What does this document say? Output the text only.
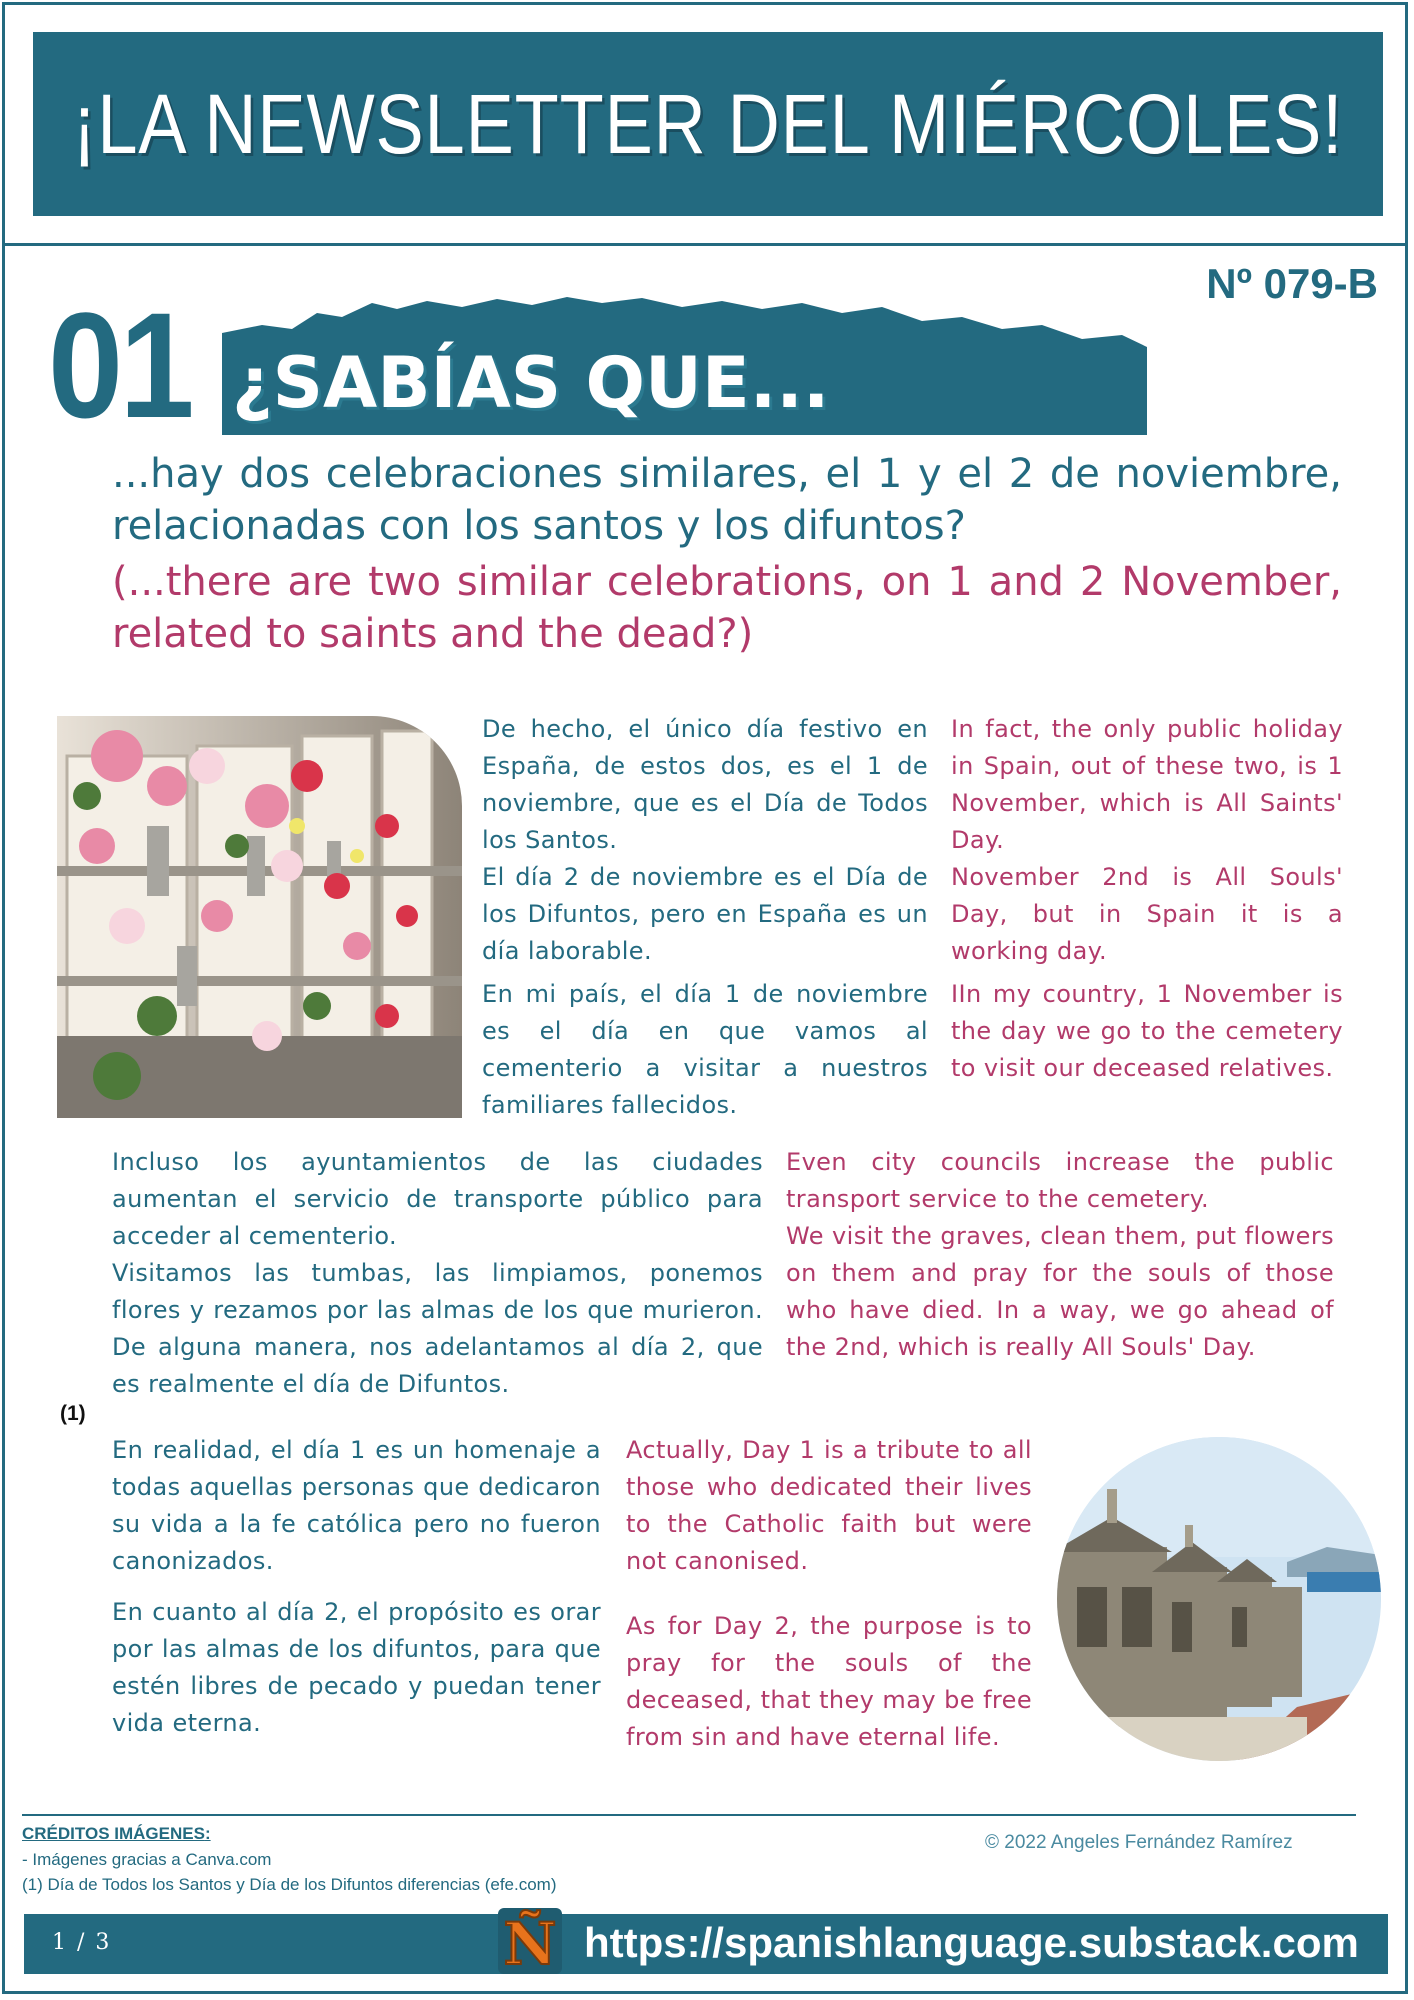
¡LA NEWSLETTER DEL MIÉRCOLES!
Nº 079-B
01 ¿SABÍAS QUE...

...hay dos celebraciones similares, el 1 y el 2 de noviembre, relacionadas con los santos y los difuntos?

(...there are two similar celebrations, on 1 and 2 November, related to saints and the dead?)

De hecho, el único día festivo en España, de estos dos, es el 1 de noviembre, que es el Día de Todos los Santos.

El día 2 de noviembre es el Día de los Difuntos, pero en España es un día laborable.

En mi país, el día 1 de noviembre es el día en que vamos al cementerio a visitar a nuestros familiares fallecidos.

In fact, the only public holiday in Spain, out of these two, is 1 November, which is All Saints' Day.

November 2nd is All Souls' Day, but in Spain it is a working day.

IIn my country, 1 November is the day we go to the cemetery to visit our deceased relatives.

Incluso los ayuntamientos de las ciudades aumentan el servicio de transporte público para acceder al cementerio.

Visitamos las tumbas, las limpiamos, ponemos flores y rezamos por las almas de los que murieron. De alguna manera, nos adelantamos al día 2, que es realmente el día de Difuntos.

Even city councils increase the public transport service to the cemetery.

We visit the graves, clean them, put flowers on them and pray for the souls of those who have died. In a way, we go ahead of the 2nd, which is really All Souls' Day.

(1)

En realidad, el día 1 es un homenaje a todas aquellas personas que dedicaron su vida a la fe católica pero no fueron canonizados.

En cuanto al día 2, el propósito es orar por las almas de los difuntos, para que estén libres de pecado y puedan tener vida eterna.

Actually, Day 1 is a tribute to all those who dedicated their lives to the Catholic faith but were not canonised.

As for Day 2, the purpose is to pray for the souls of the deceased, that they may be free from sin and have eternal life.

CRÉDITOS IMÁGENES:
- Imágenes gracias a Canva.com
(1) Día de Todos los Santos y Día de los Difuntos diferencias (efe.com)
© 2022 Angeles Fernández Ramírez
1 / 3	Ñ https://spanishlanguage.substack.com
